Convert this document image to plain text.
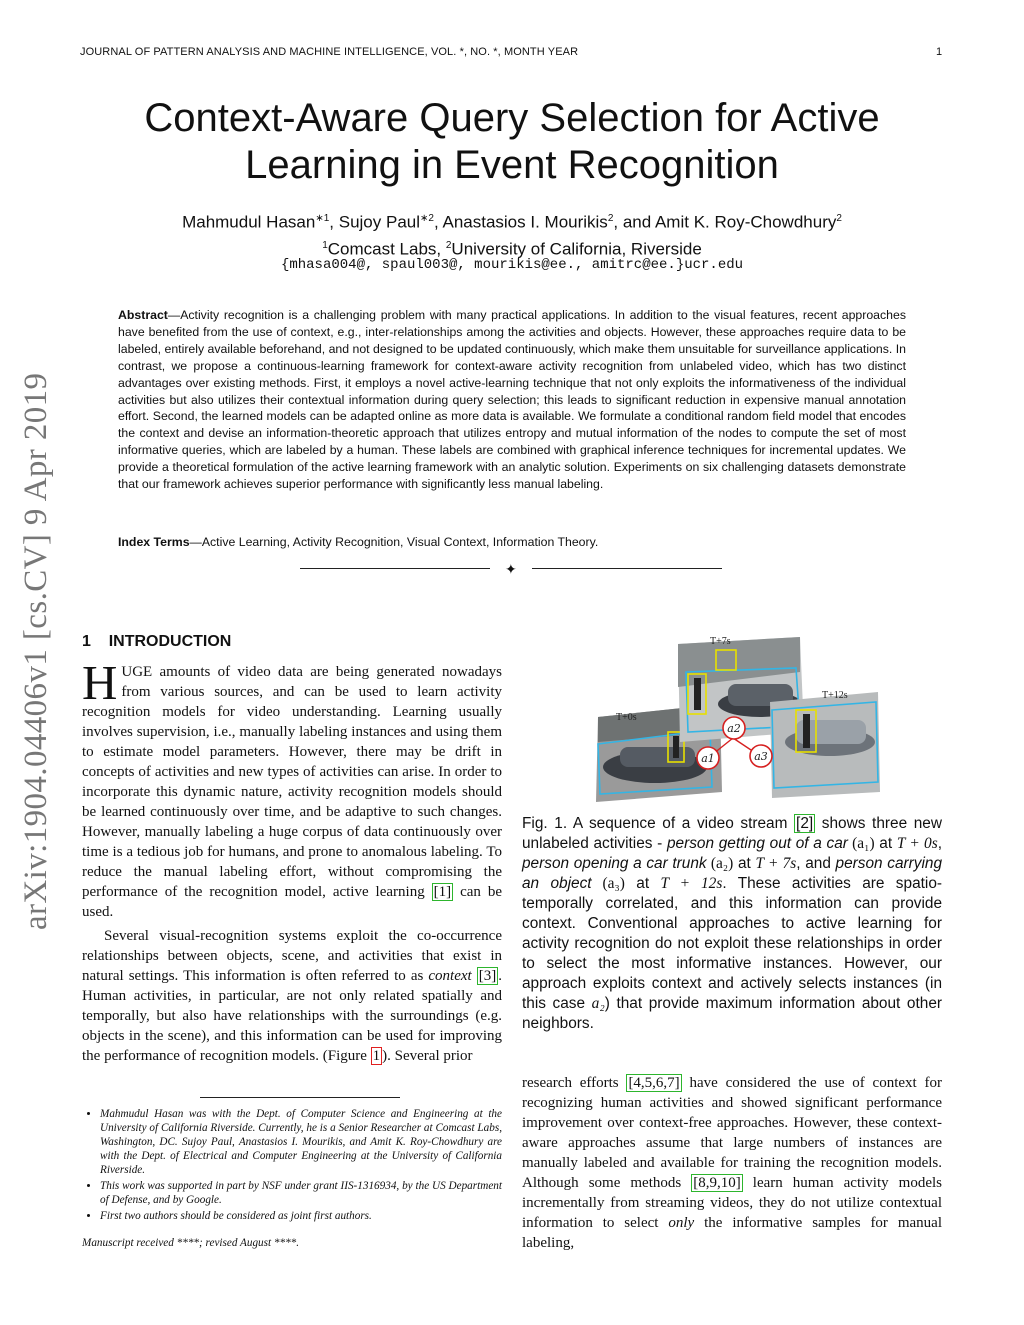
JOURNAL OF PATTERN ANALYSIS AND MACHINE INTELLIGENCE, VOL. *, NO. *, MONTH YEAR	1
Context-Aware Query Selection for Active
Learning in Event Recognition
Mahmudul Hasan$^{∗1}$, Sujoy Paul$^{∗2}$, Anastasios I. Mourikis$^2$, and Amit K. Roy-Chowdhury$^2$
$^1$Comcast Labs, $^2$University of California, Riverside
{mhasa004@, spaul003@, mourikis@ee., amitrc@ee.}ucr.edu
Abstract—Activity recognition is a challenging problem with many practical applications. In addition to the visual features, recent approaches have benefited from the use of context, e.g., inter-relationships among the activities and objects. However, these approaches require data to be labeled, entirely available beforehand, and not designed to be updated continuously, which make them unsuitable for surveillance applications. In contrast, we propose a continuous-learning framework for context-aware activity recognition from unlabeled video, which has two distinct advantages over existing methods. First, it employs a novel active-learning technique that not only exploits the informativeness of the individual activities but also utilizes their contextual information during query selection; this leads to significant reduction in expensive manual annotation effort. Second, the learned models can be adapted online as more data is available. We formulate a conditional random field model that encodes the context and devise an information-theoretic approach that utilizes entropy and mutual information of the nodes to compute the set of most informative queries, which are labeled by a human. These labels are combined with graphical inference techniques for incremental updates. We provide a theoretical formulation of the active learning framework with an analytic solution. Experiments on six challenging datasets demonstrate that our framework achieves superior performance with significantly less manual labeling.
Index Terms—Active Learning, Activity Recognition, Visual Context, Information Theory.
✦
1 INTRODUCTION
HUGE amounts of video data are being generated nowadays from various sources, and can be used to learn activity recognition models for video understanding. Learning usually involves supervision, i.e., manually labeling instances and using them to estimate model parameters. However, there may be drift in concepts of activities and new types of activities can arise. In order to incorporate this dynamic nature, activity recognition models should be learned continuously over time, and be adaptive to such changes. However, manually labeling a huge corpus of data continuously over time is a tedious job for humans, and prone to anomalous labeling. To reduce the manual labeling effort, without compromising the performance of the recognition model, active learning [1] can be used.
Several visual-recognition systems exploit the co-occurrence relationships between objects, scene, and activities that exist in natural settings. This information is often referred to as context [3] . Human activities, in particular, are not only related spatially and temporally, but also have relationships with the surroundings (e.g. objects in the scene), and this information can be used for improving the performance of recognition models. (Figure 1 ). Several prior
• Mahmudul Hasan was with the Dept. of Computer Science and Engineering at the University of California Riverside. Currently, he is a Senior Researcher at Comcast Labs, Washington, DC. Sujoy Paul, Anastasios I. Mourikis, and Amit K. Roy-Chowdhury are with the Dept. of Electrical and Computer Engineering at the University of California Riverside.
• This work was supported in part by NSF under grant IIS-1316934, by the US Department of Defense, and by Google.
• First two authors should be considered as joint first authors.
Manuscript received ****; revised August ****.
T+0s
T+7s
T+12s
a2
a1	a3
Fig. 1. A sequence of a video stream [2] shows three new unlabeled activities - person getting out of a car (a₁) at T + 0s, person opening a car trunk (a₂) at T + 7s, and person carrying an object (a₃) at T + 12s. These activities are spatio-temporally correlated, and this information can provide context. Conventional approaches to active learning for activity recognition do not exploit these relationships in order to select the most informative instances. However, our approach exploits context and actively selects instances (in this case a₂) that provide maximum information about other neighbors.
research efforts [4,5,6,7] have considered the use of context for recognizing human activities and showed significant performance improvement over context-free approaches. However, these context-aware approaches assume that large numbers of instances are manually labeled and available for training the recognition models. Although some methods [8,9,10] learn human activity models incrementally from streaming videos, they do not utilize contextual information to select only the informative samples for manual labeling,
arXiv:1904.04406v1 [cs.CV] 9 Apr 2019
